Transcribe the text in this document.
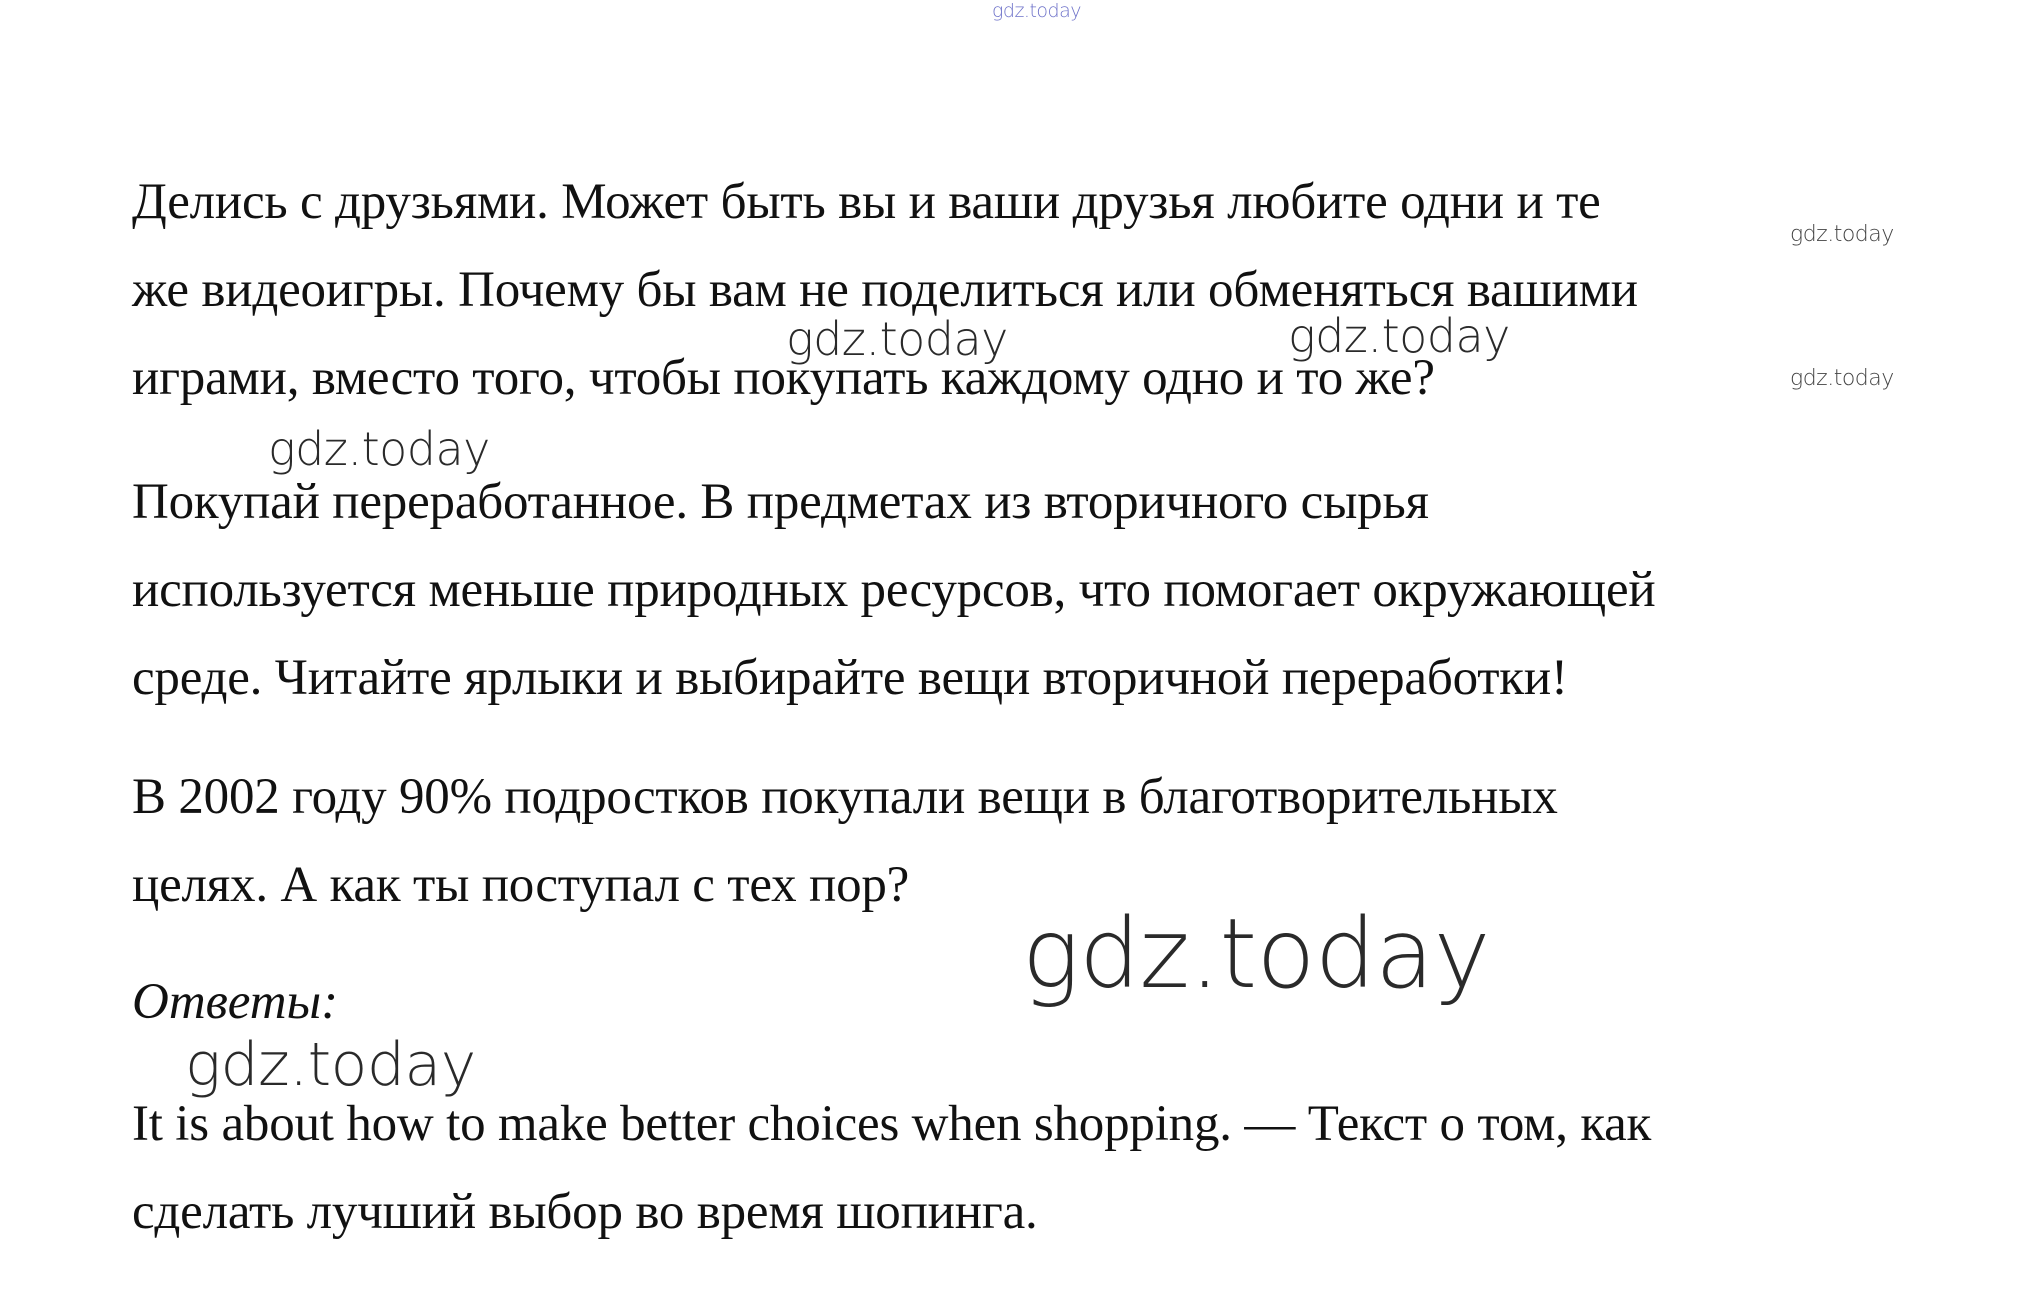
Делись с друзьями. Может быть вы и ваши друзья любите одни и те
же видеоигры. Почему бы вам не поделиться или обменяться вашими
играми, вместо того, чтобы покупать каждому одно и то же?

Покупай переработанное. В предметах из вторичного сырья
используется меньше природных ресурсов, что помогает окружающей
среде. Читайте ярлыки и выбирайте вещи вторичной переработки!

В 2002 году 90% подростков покупали вещи в благотворительных
целях. А как ты поступал с тех пор?

Ответы:

It is about how to make better choices when shopping. — Текст о том, как
сделать лучший выбор во время шопинга.

gdz.today
gdz.today
gdz.today
gdz.today	gdz.today
gdz.today
gdz.today
gdz.today
